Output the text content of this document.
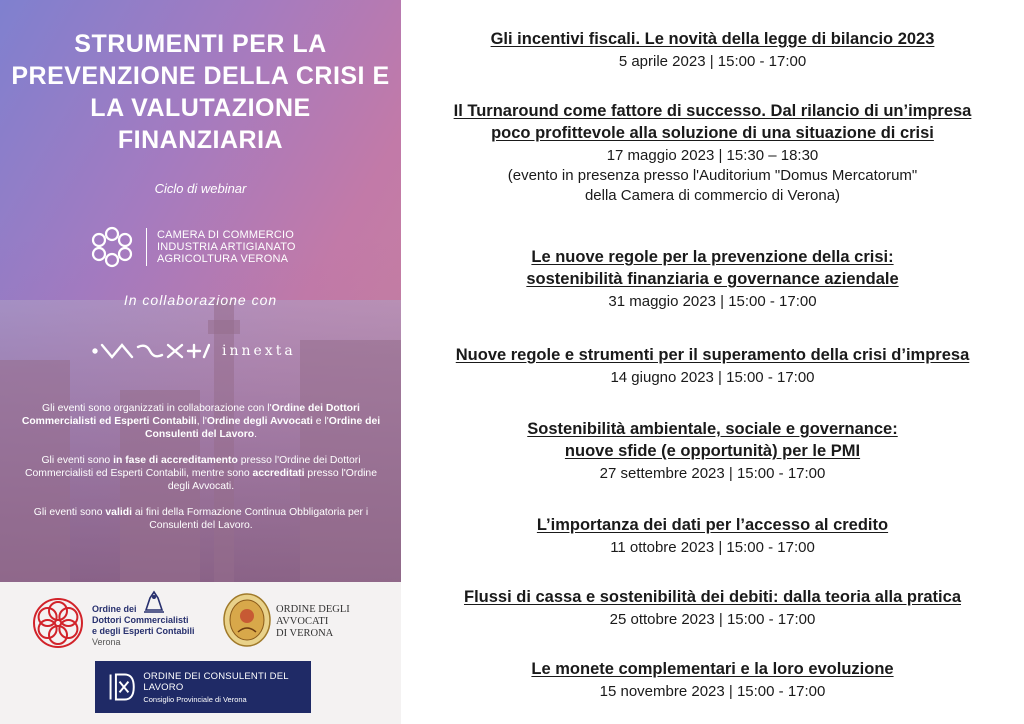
STRUMENTI PER LA PREVENZIONE DELLA CRISI E LA VALUTAZIONE FINANZIARIA
Ciclo di webinar
CAMERA DI COMMERCIO
INDUSTRIA ARTIGIANATO
AGRICOLTURA VERONA
In collaborazione con
innexta

Gli eventi sono organizzati in collaborazione con l'Ordine dei Dottori Commercialisti ed Esperti Contabili, l'Ordine degli Avvocati e l'Ordine dei Consulenti del Lavoro.

Gli eventi sono in fase di accreditamento presso l'Ordine dei Dottori Commercialisti ed Esperti Contabili, mentre sono accreditati presso l'Ordine degli Avvocati.

Gli eventi sono validi ai fini della Formazione Continua Obbligatoria per i Consulenti del Lavoro.

Ordine dei
Dottori Commercialisti
e degli Esperti Contabili
Verona
ORDINE DEGLI
AVVOCATI
DI VERONA
ORDINE DEI CONSULENTI DEL LAVORO
Consiglio Provinciale di Verona
Gli incentivi fiscali. Le novità della legge di bilancio 2023
5 aprile 2023 | 15:00 - 17:00
Il Turnaround come fattore di successo. Dal rilancio di un’impresa
poco profittevole alla soluzione di una situazione di crisi
17 maggio 2023 | 15:30 – 18:30
(evento in presenza presso l'Auditorium "Domus Mercatorum"
della Camera di commercio di Verona)
Le nuove regole per la prevenzione della crisi:
sostenibilità finanziaria e governance aziendale
31 maggio 2023 | 15:00 - 17:00
Nuove regole e strumenti per il superamento della crisi d’impresa
14 giugno 2023 | 15:00 - 17:00
Sostenibilità ambientale, sociale e governance:
nuove sfide (e opportunità) per le PMI
27 settembre 2023 | 15:00 - 17:00
L’importanza dei dati per l’accesso al credito
11 ottobre 2023 | 15:00 - 17:00
Flussi di cassa e sostenibilità dei debiti: dalla teoria alla pratica
25 ottobre 2023 | 15:00 - 17:00
Le monete complementari e la loro evoluzione
15 novembre 2023 | 15:00 - 17:00
